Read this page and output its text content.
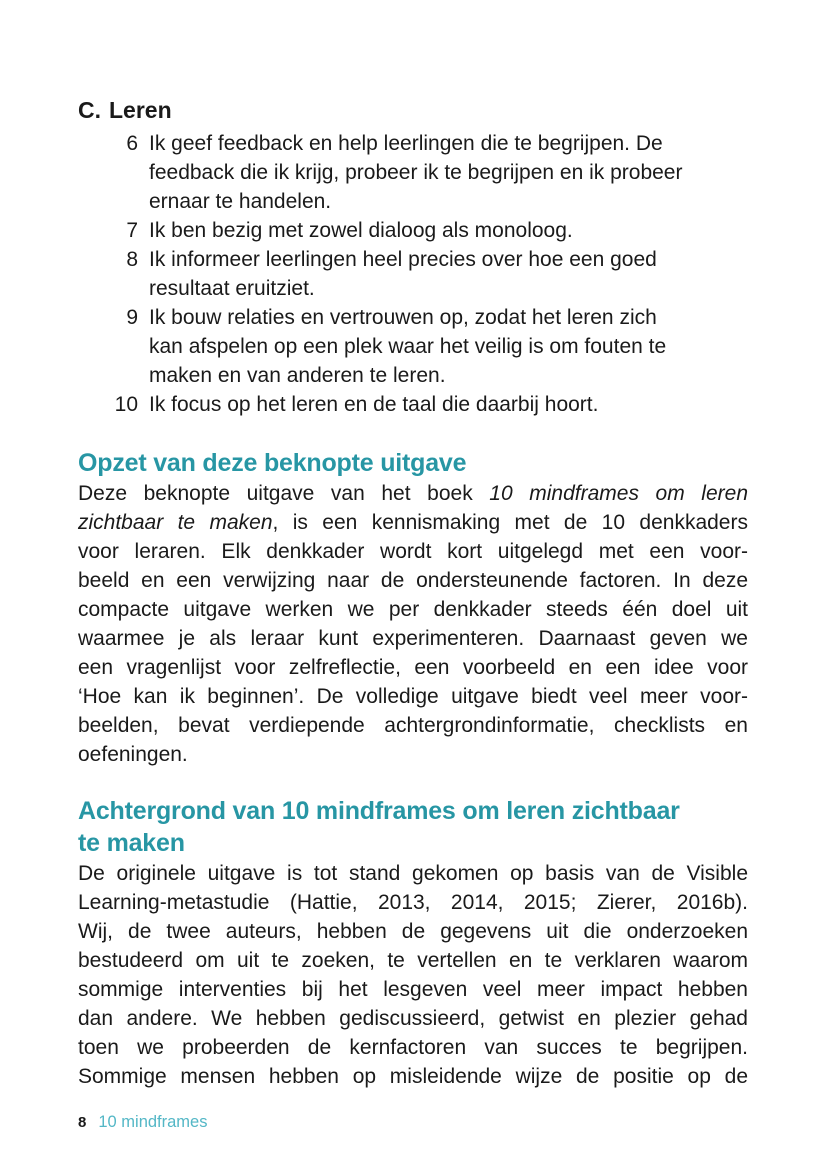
C. Leren
6 Ik geef feedback en help leerlingen die te begrijpen. De
feedback die ik krijg, probeer ik te begrijpen en ik probeer
ernaar te handelen.
7 Ik ben bezig met zowel dialoog als monoloog.
8 Ik informeer leerlingen heel precies over hoe een goed
resultaat eruitziet.
9 Ik bouw relaties en vertrouwen op, zodat het leren zich
kan afspelen op een plek waar het veilig is om fouten te
maken en van anderen te leren.
10 Ik focus op het leren en de taal die daarbij hoort.
Opzet van deze beknopte uitgave
Deze beknopte uitgave van het boek 10 mindframes om leren
zichtbaar te maken, is een kennismaking met de 10 denkkaders
voor leraren. Elk denkkader wordt kort uitgelegd met een voor-
beeld en een verwijzing naar de ondersteunende factoren. In deze
compacte uitgave werken we per denkkader steeds één doel uit
waarmee je als leraar kunt experimenteren. Daarnaast geven we
een vragenlijst voor zelfreflectie, een voorbeeld en een idee voor
‘Hoe kan ik beginnen’. De volledige uitgave biedt veel meer voor-
beelden, bevat verdiepende achtergrondinformatie, checklists en
oefeningen.
Achtergrond van 10 mindframes om leren zichtbaar
te maken
De originele uitgave is tot stand gekomen op basis van de Visible
Learning-metastudie (Hattie, 2013, 2014, 2015; Zierer, 2016b).
Wij, de twee auteurs, hebben de gegevens uit die onderzoeken
bestudeerd om uit te zoeken, te vertellen en te verklaren waarom
sommige interventies bij het lesgeven veel meer impact hebben
dan andere. We hebben gediscussieerd, getwist en plezier gehad
toen we probeerden de kernfactoren van succes te begrijpen.
Sommige mensen hebben op misleidende wijze de positie op de
8 10 mindframes
